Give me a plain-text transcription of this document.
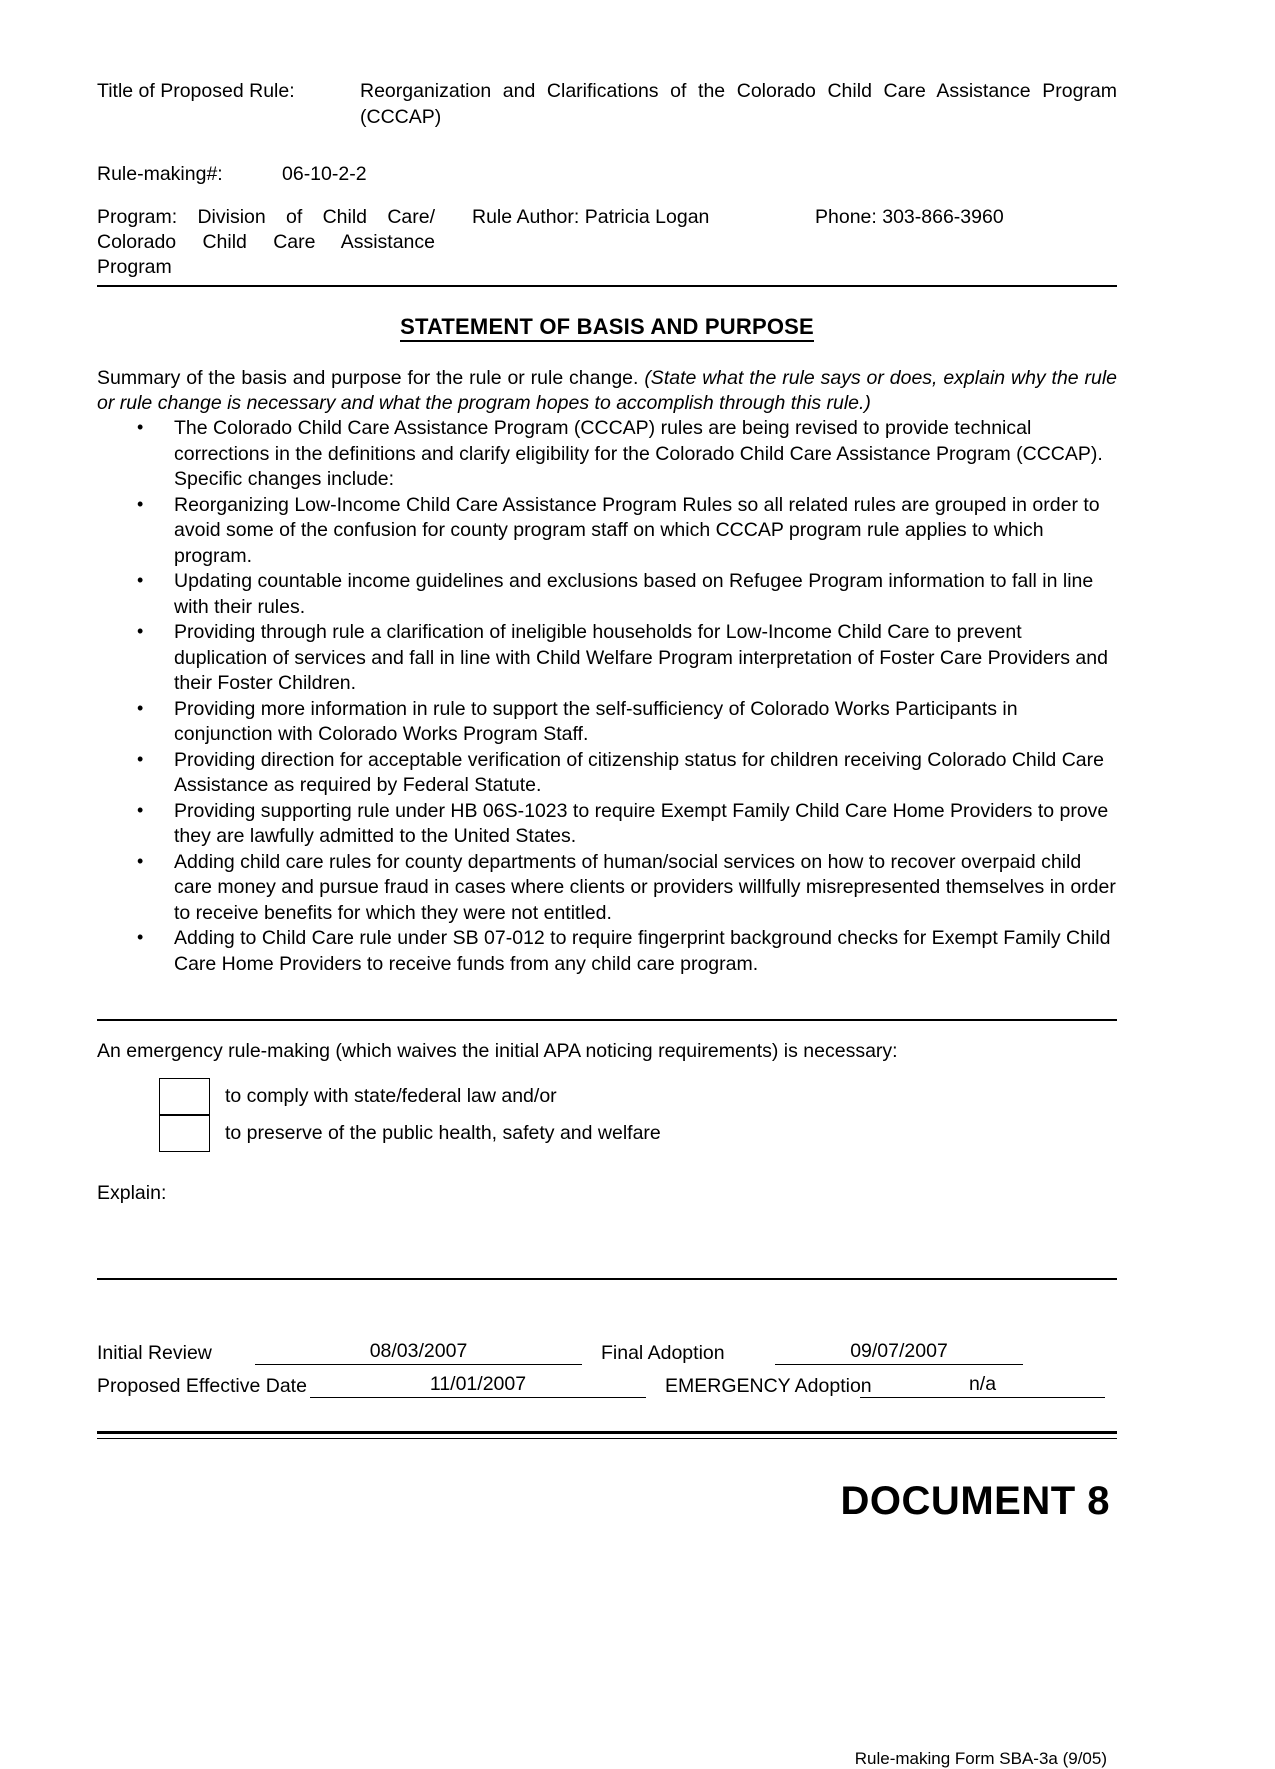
Title of Proposed Rule:	Reorganization and Clarifications of the Colorado Child Care Assistance Program (CCCAP)
Rule-making#:	06-10-2-2
Program: Division of Child Care/ Colorado Child Care Assistance Program
Rule Author: Patricia Logan	Phone: 303-866-3960
STATEMENT OF BASIS AND PURPOSE
Summary of the basis and purpose for the rule or rule change. (State what the rule says or does, explain why the rule or rule change is necessary and what the program hopes to accomplish through this rule.)
• The Colorado Child Care Assistance Program (CCCAP) rules are being revised to provide technical corrections in the definitions and clarify eligibility for the Colorado Child Care Assistance Program (CCCAP). Specific changes include:
• Reorganizing Low-Income Child Care Assistance Program Rules so all related rules are grouped in order to avoid some of the confusion for county program staff on which CCCAP program rule applies to which program.
• Updating countable income guidelines and exclusions based on Refugee Program information to fall in line with their rules.
• Providing through rule a clarification of ineligible households for Low-Income Child Care to prevent duplication of services and fall in line with Child Welfare Program interpretation of Foster Care Providers and their Foster Children.
• Providing more information in rule to support the self-sufficiency of Colorado Works Participants in conjunction with Colorado Works Program Staff.
• Providing direction for acceptable verification of citizenship status for children receiving Colorado Child Care Assistance as required by Federal Statute.
• Providing supporting rule under HB 06S-1023 to require Exempt Family Child Care Home Providers to prove they are lawfully admitted to the United States.
• Adding child care rules for county departments of human/social services on how to recover overpaid child care money and pursue fraud in cases where clients or providers willfully misrepresented themselves in order to receive benefits for which they were not entitled.
• Adding to Child Care rule under SB 07-012 to require fingerprint background checks for Exempt Family Child Care Home Providers to receive funds from any child care program.
An emergency rule-making (which waives the initial APA noticing requirements) is necessary:
to comply with state/federal law and/or
to preserve of the public health, safety and welfare
Explain:
Initial Review	08/03/2007	Final Adoption	09/07/2007
Proposed Effective Date	11/01/2007	EMERGENCY Adoption	n/a
DOCUMENT 8
Rule-making Form SBA-3a (9/05)
